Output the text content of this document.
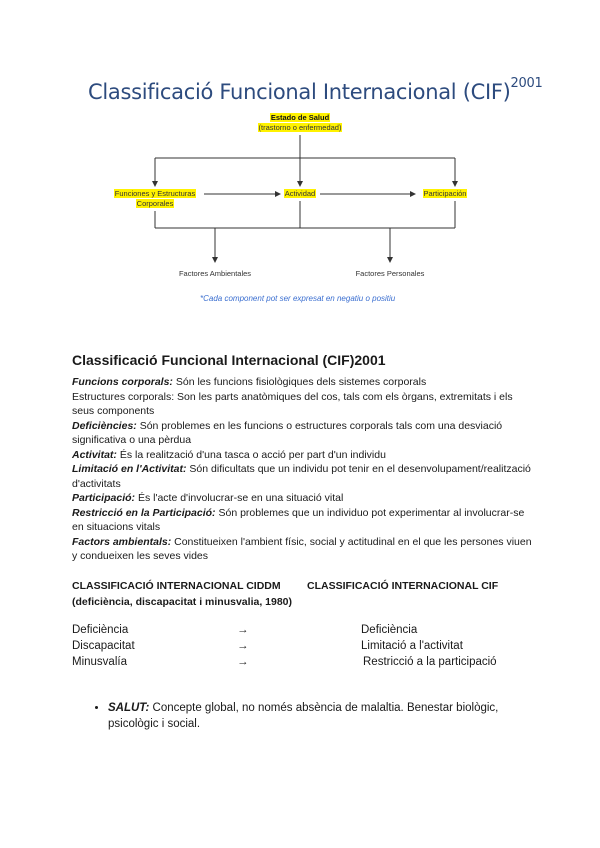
Classificació Funcional Internacional (CIF)$^{2001}$
Estado de Salud
(trastorno o enfermedad)
Funciones y Estructuras
Corporales
Actividad	Participación
Factores Ambientales	Factores Personales
*Cada component pot ser expresat en negatiu o positiu
Classificació Funcional Internacional (CIF)2001

Funcions corporals: Són les funcions fisiològiques dels sistemes corporals

Estructures corporals: Son les parts anatòmiques del cos, tals com els òrgans, extremitats i els seus components

Deficiències: Són problemes en les funcions o estructures corporals tals com una desviació significativa o una pèrdua

Activitat: És la realització d'una tasca o acció per part d'un individu

Limitació en l'Activitat: Són dificultats que un individu pot tenir en el desenvolupament/realització d'activitats

Participació: És l'acte d'involucrar-se en una situació vital

Restricció en la Participació: Són problemes que un individuo pot experimentar al involucrar-se en situacions vitals

Factors ambientals: Constitueixen l'ambient físic, social y actitudinal en el que les persones viuen y condueixen les seves vides

CLASSIFICACIÓ INTERNACIONAL CIDDM	CLASSIFICACIÓ INTERNACIONAL CIF
(deficiència, discapacitat i minusvalia, 1980)
Deficiència	→	Deficiència
Discapacitat	→	Limitació a l'activitat
Minusvalía	→	Restricció a la participació
• SALUT: Concepte global, no només absència de malaltia. Benestar biològic, psicològic i social.
